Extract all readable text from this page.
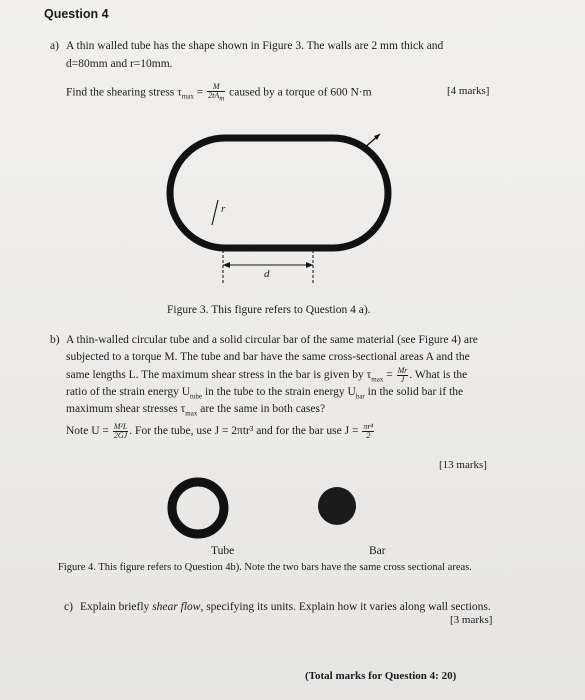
Question 4
a) A thin walled tube has the shape shown in Figure 3. The walls are 2 mm thick and
d=80mm and r=10mm.
Find the shearing stress $\tau_{max} = \frac{M}{2tA_m}$ caused by a torque of 600 N·m	[4 marks]
t
r
d
Figure 3. This figure refers to Question 4 a).
b) A thin-walled circular tube and a solid circular bar of the same material (see Figure 4) are
subjected to a torque M. The tube and bar have the same cross-sectional areas A and the
same lengths L. The maximum shear stress in the bar is given by $\tau_{max} = \frac{Mr}{J}$ . What is the
ratio of the strain energy $U_{tube}$ in the tube to the strain energy $U_{bar}$ in the solid bar if the
maximum shear stresses $\tau_{max}$ are the same in both cases?
Note $U = \frac{\text{M²L}}{2GJ}$ . For the tube, use J = 2πtr³ and for the bar use $J = \frac{\text{πr⁴}}{2}$
[13 marks]
Tube	Bar
Figure 4. This figure refers to Question 4b). Note the two bars have the same cross sectional areas.
c) Explain briefly shear flow, specifying its units. Explain how it varies along wall sections.
[3 marks]
(Total marks for Question 4: 20)
